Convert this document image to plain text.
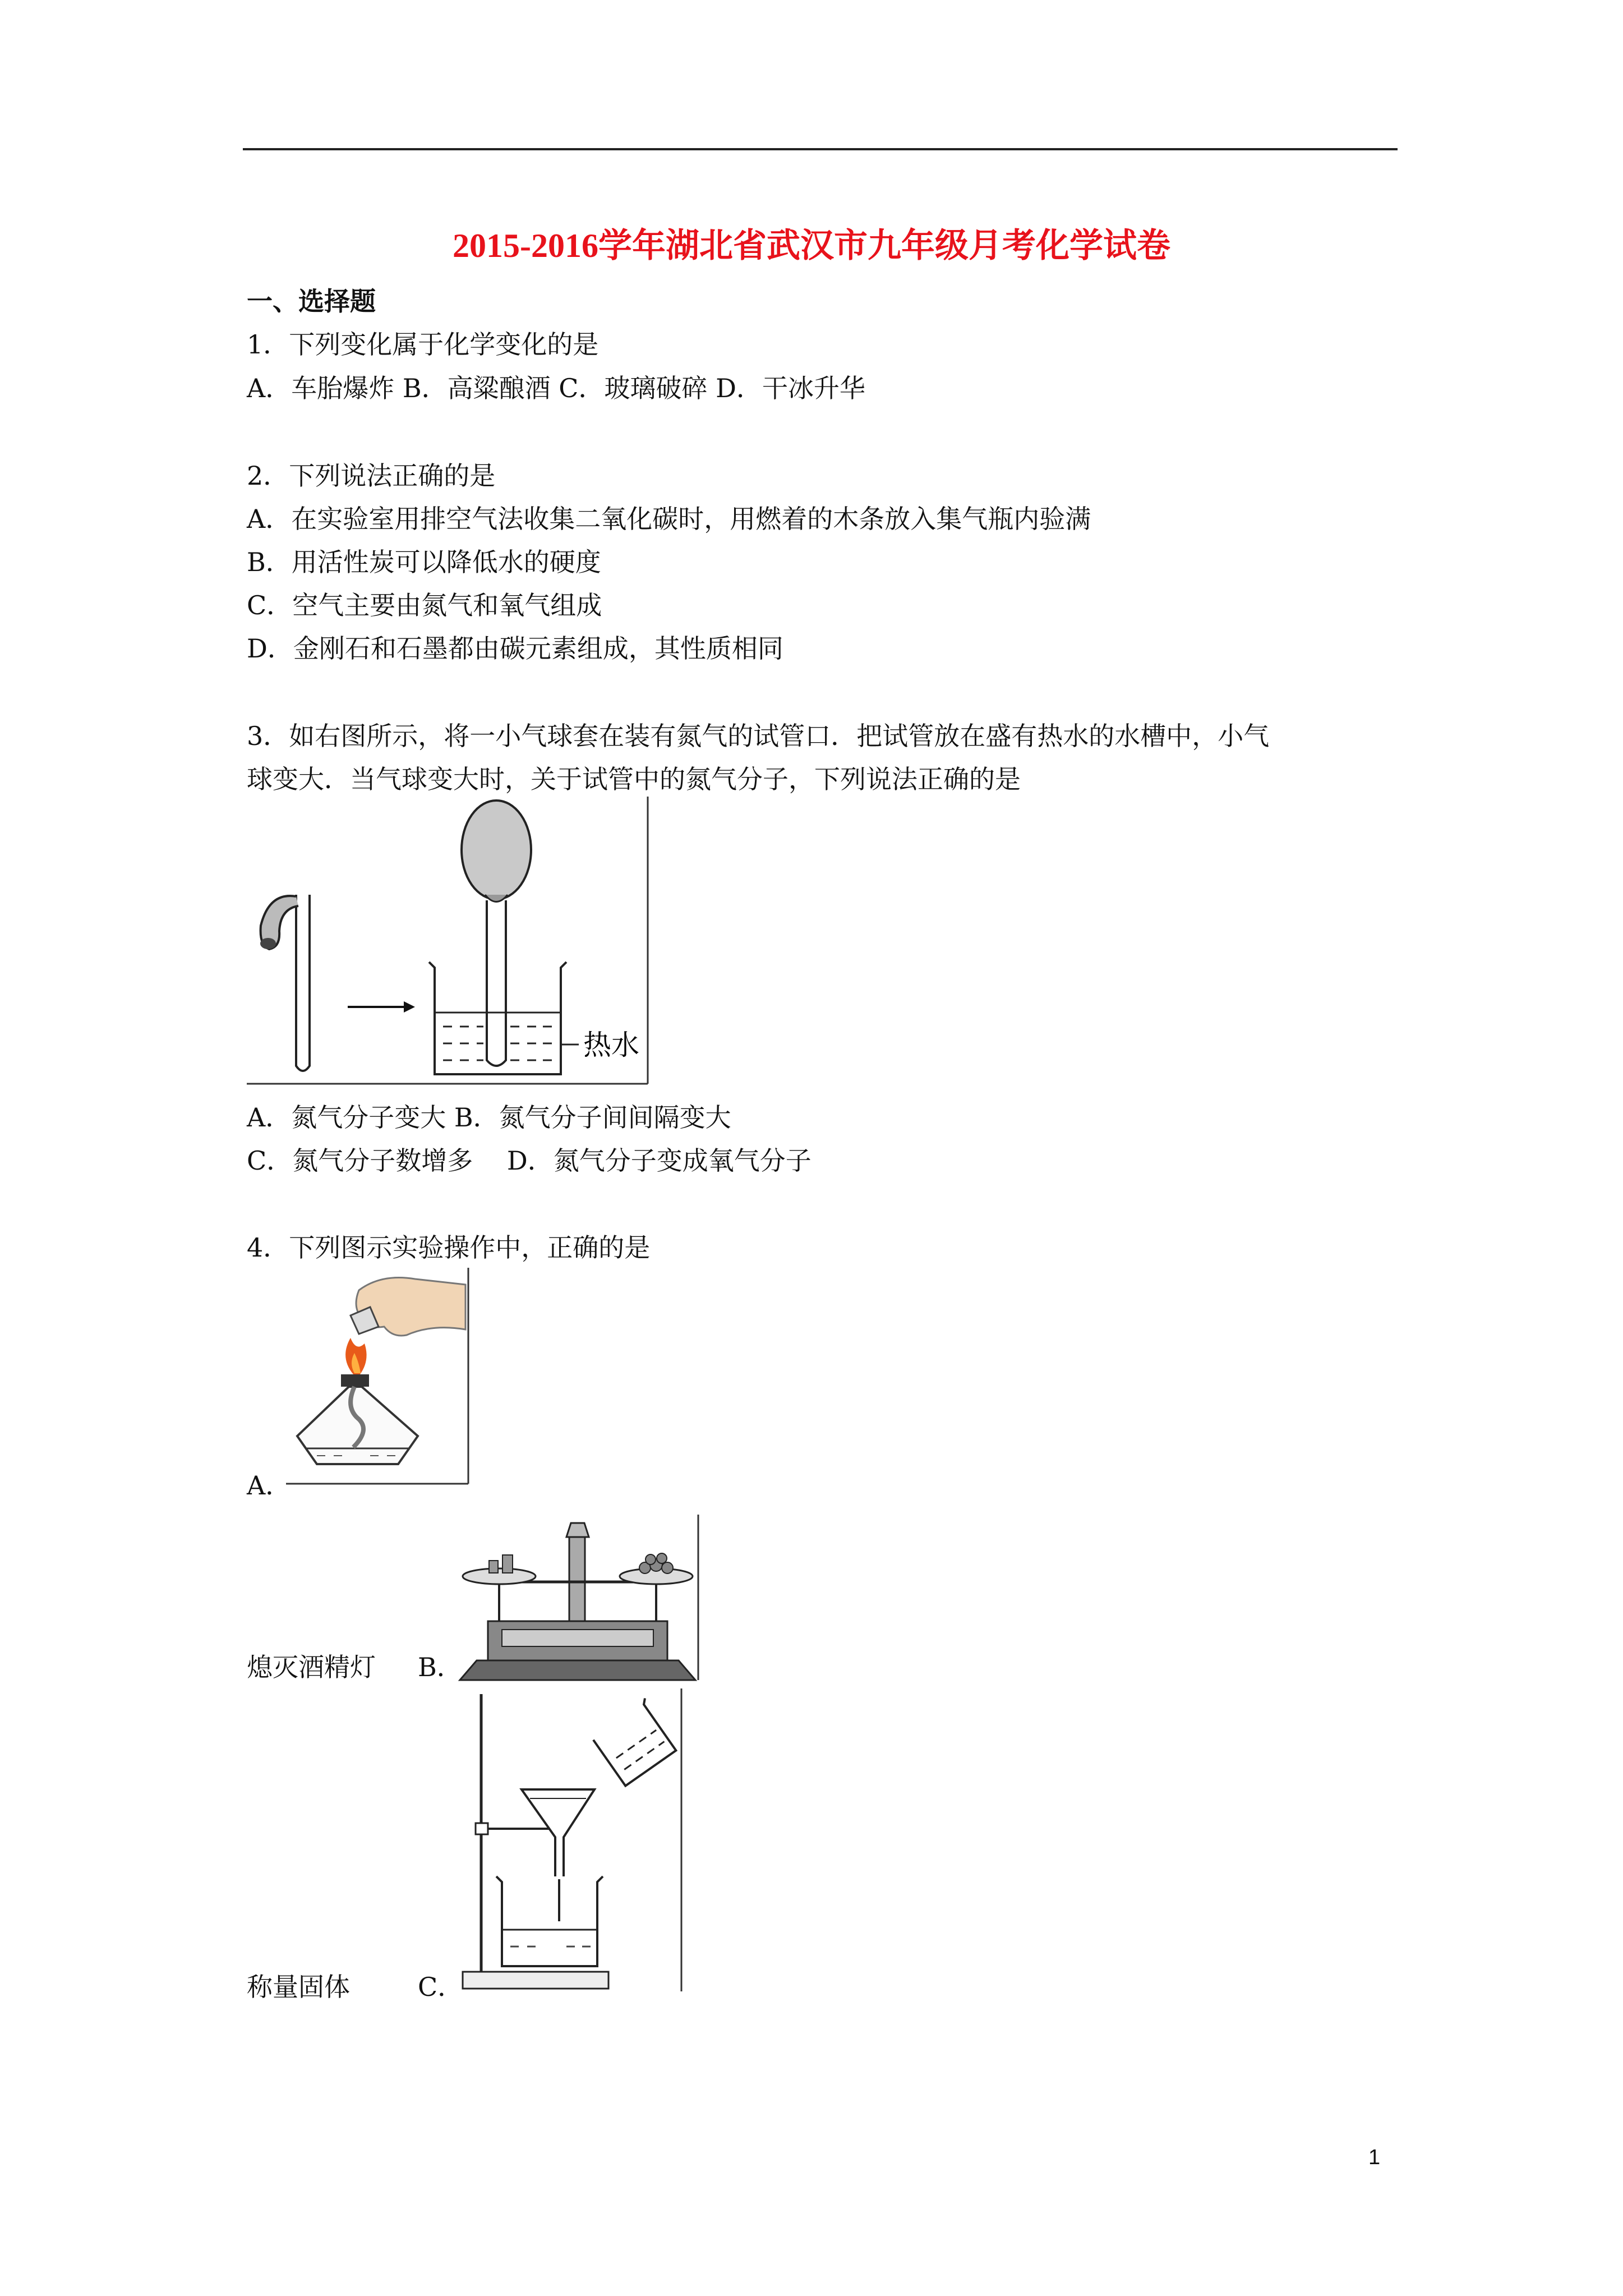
2015-2016学年湖北省武汉市九年级月考化学试卷
一、选择题
1．下列变化属于化学变化的是
A．车胎爆炸 B．高粱酿酒 C．玻璃破碎 D．干冰升华
2．下列说法正确的是
A．在实验室用排空气法收集二氧化碳时，用燃着的木条放入集气瓶内验满
B．用活性炭可以降低水的硬度
C．空气主要由氮气和氧气组成
D．金刚石和石墨都由碳元素组成，其性质相同
3．如右图所示，将一小气球套在装有氮气的试管口．把试管放在盛有热水的水槽中，小气
球变大．当气球变大时，关于试管中的氮气分子，下列说法正确的是
热水
A．氮气分子变大 B．氮气分子间间隔变大
C．氮气分子数增多　 D．氮气分子变成氧气分子
4．下列图示实验操作中，正确的是
A．
熄灭酒精灯 B．
称量固体	C．
1
